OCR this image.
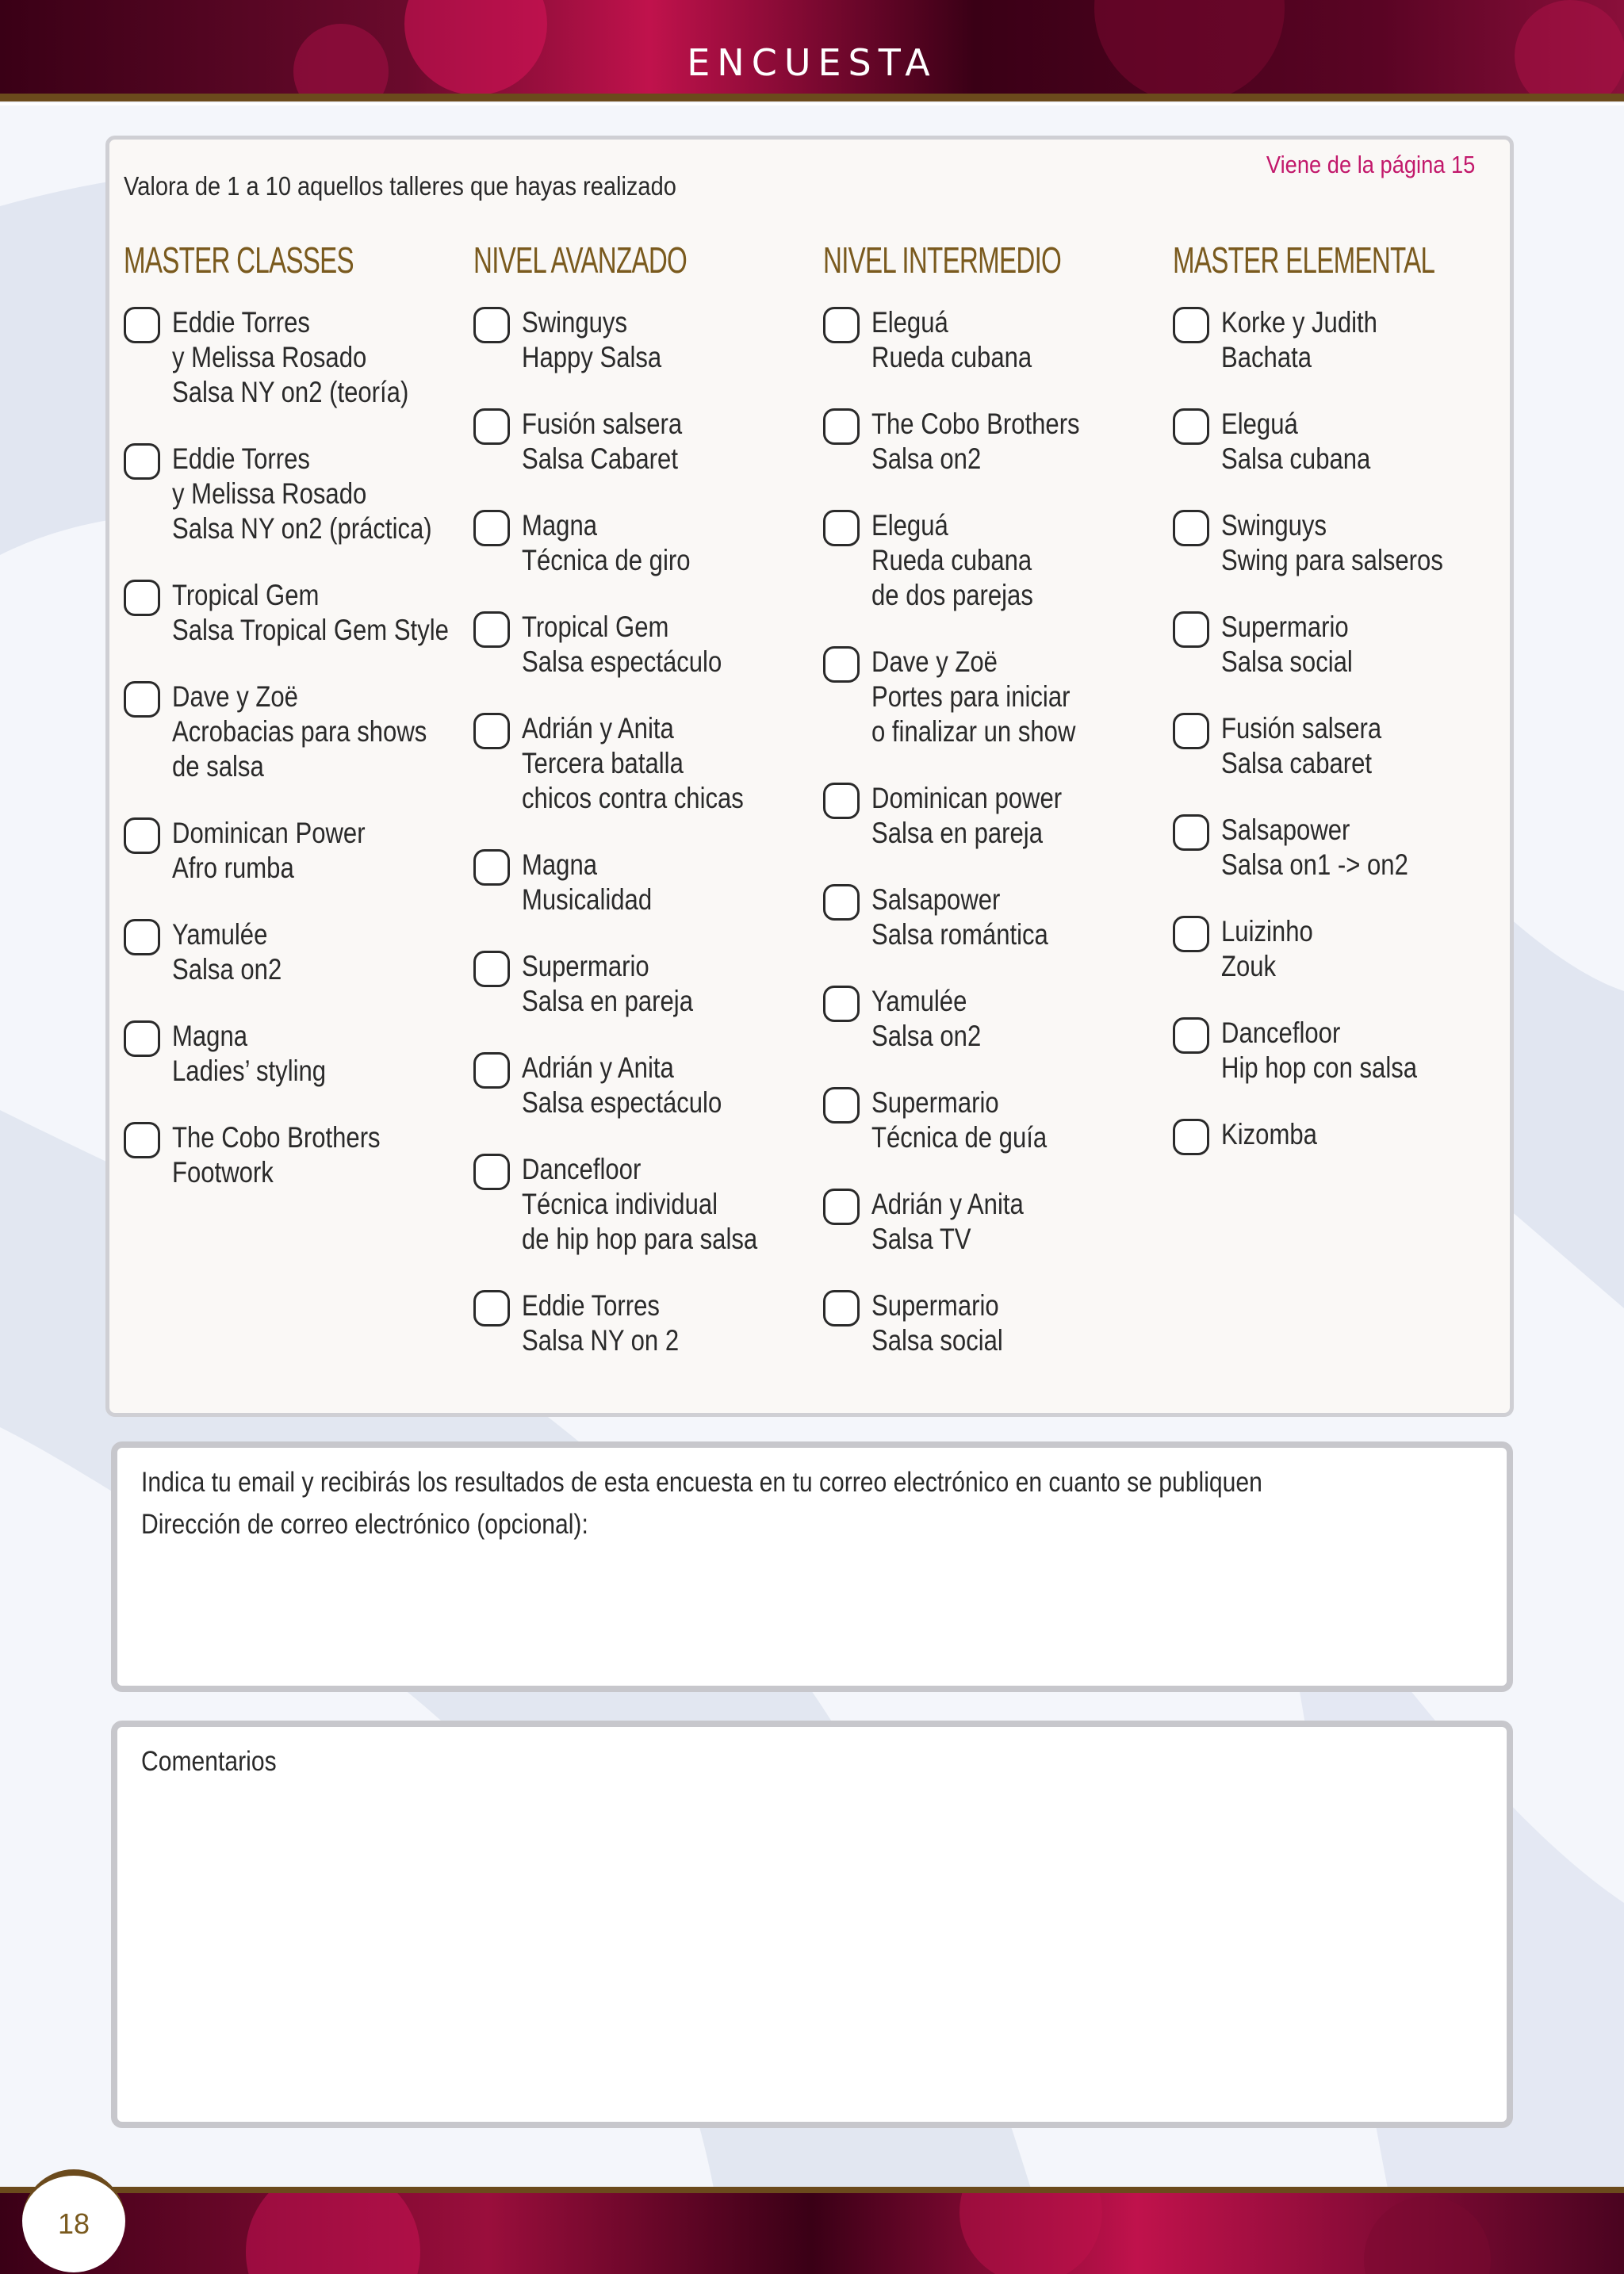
ENCUESTA
Valora de 1 a 10 aquellos talleres que hayas realizado
Viene de la página 15
MASTER CLASSES
Eddie Torres
y Melissa Rosado
Salsa NY on2 (teoría)
Eddie Torres
y Melissa Rosado
Salsa NY on2 (práctica)
Tropical Gem
Salsa Tropical Gem Style
Dave y Zoë
Acrobacias para shows
de salsa
Dominican Power
Afro rumba
Yamulée
Salsa on2
Magna
Ladies’ styling
The Cobo Brothers
Footwork
NIVEL AVANZADO
Swinguys
Happy Salsa
Fusión salsera
Salsa Cabaret
Magna
Técnica de giro
Tropical Gem
Salsa espectáculo
Adrián y Anita
Tercera batalla
chicos contra chicas
Magna
Musicalidad
Supermario
Salsa en pareja
Adrián y Anita
Salsa espectáculo
Dancefloor
Técnica individual
de hip hop para salsa
Eddie Torres
Salsa NY on 2
NIVEL INTERMEDIO
Eleguá
Rueda cubana
The Cobo Brothers
Salsa on2
Eleguá
Rueda cubana
de dos parejas
Dave y Zoë
Portes para iniciar
o finalizar un show
Dominican power
Salsa en pareja
Salsapower
Salsa romántica
Yamulée
Salsa on2
Supermario
Técnica de guía
Adrián y Anita
Salsa TV
Supermario
Salsa social
MASTER ELEMENTAL
Korke y Judith
Bachata
Eleguá
Salsa cubana
Swinguys
Swing para salseros
Supermario
Salsa social
Fusión salsera
Salsa cabaret
Salsapower
Salsa on1 -> on2
Luizinho
Zouk
Dancefloor
Hip hop con salsa
Kizomba
Indica tu email y recibirás los resultados de esta encuesta en tu correo electrónico en cuanto se publiquen
Dirección de correo electrónico (opcional):
Comentarios
18
